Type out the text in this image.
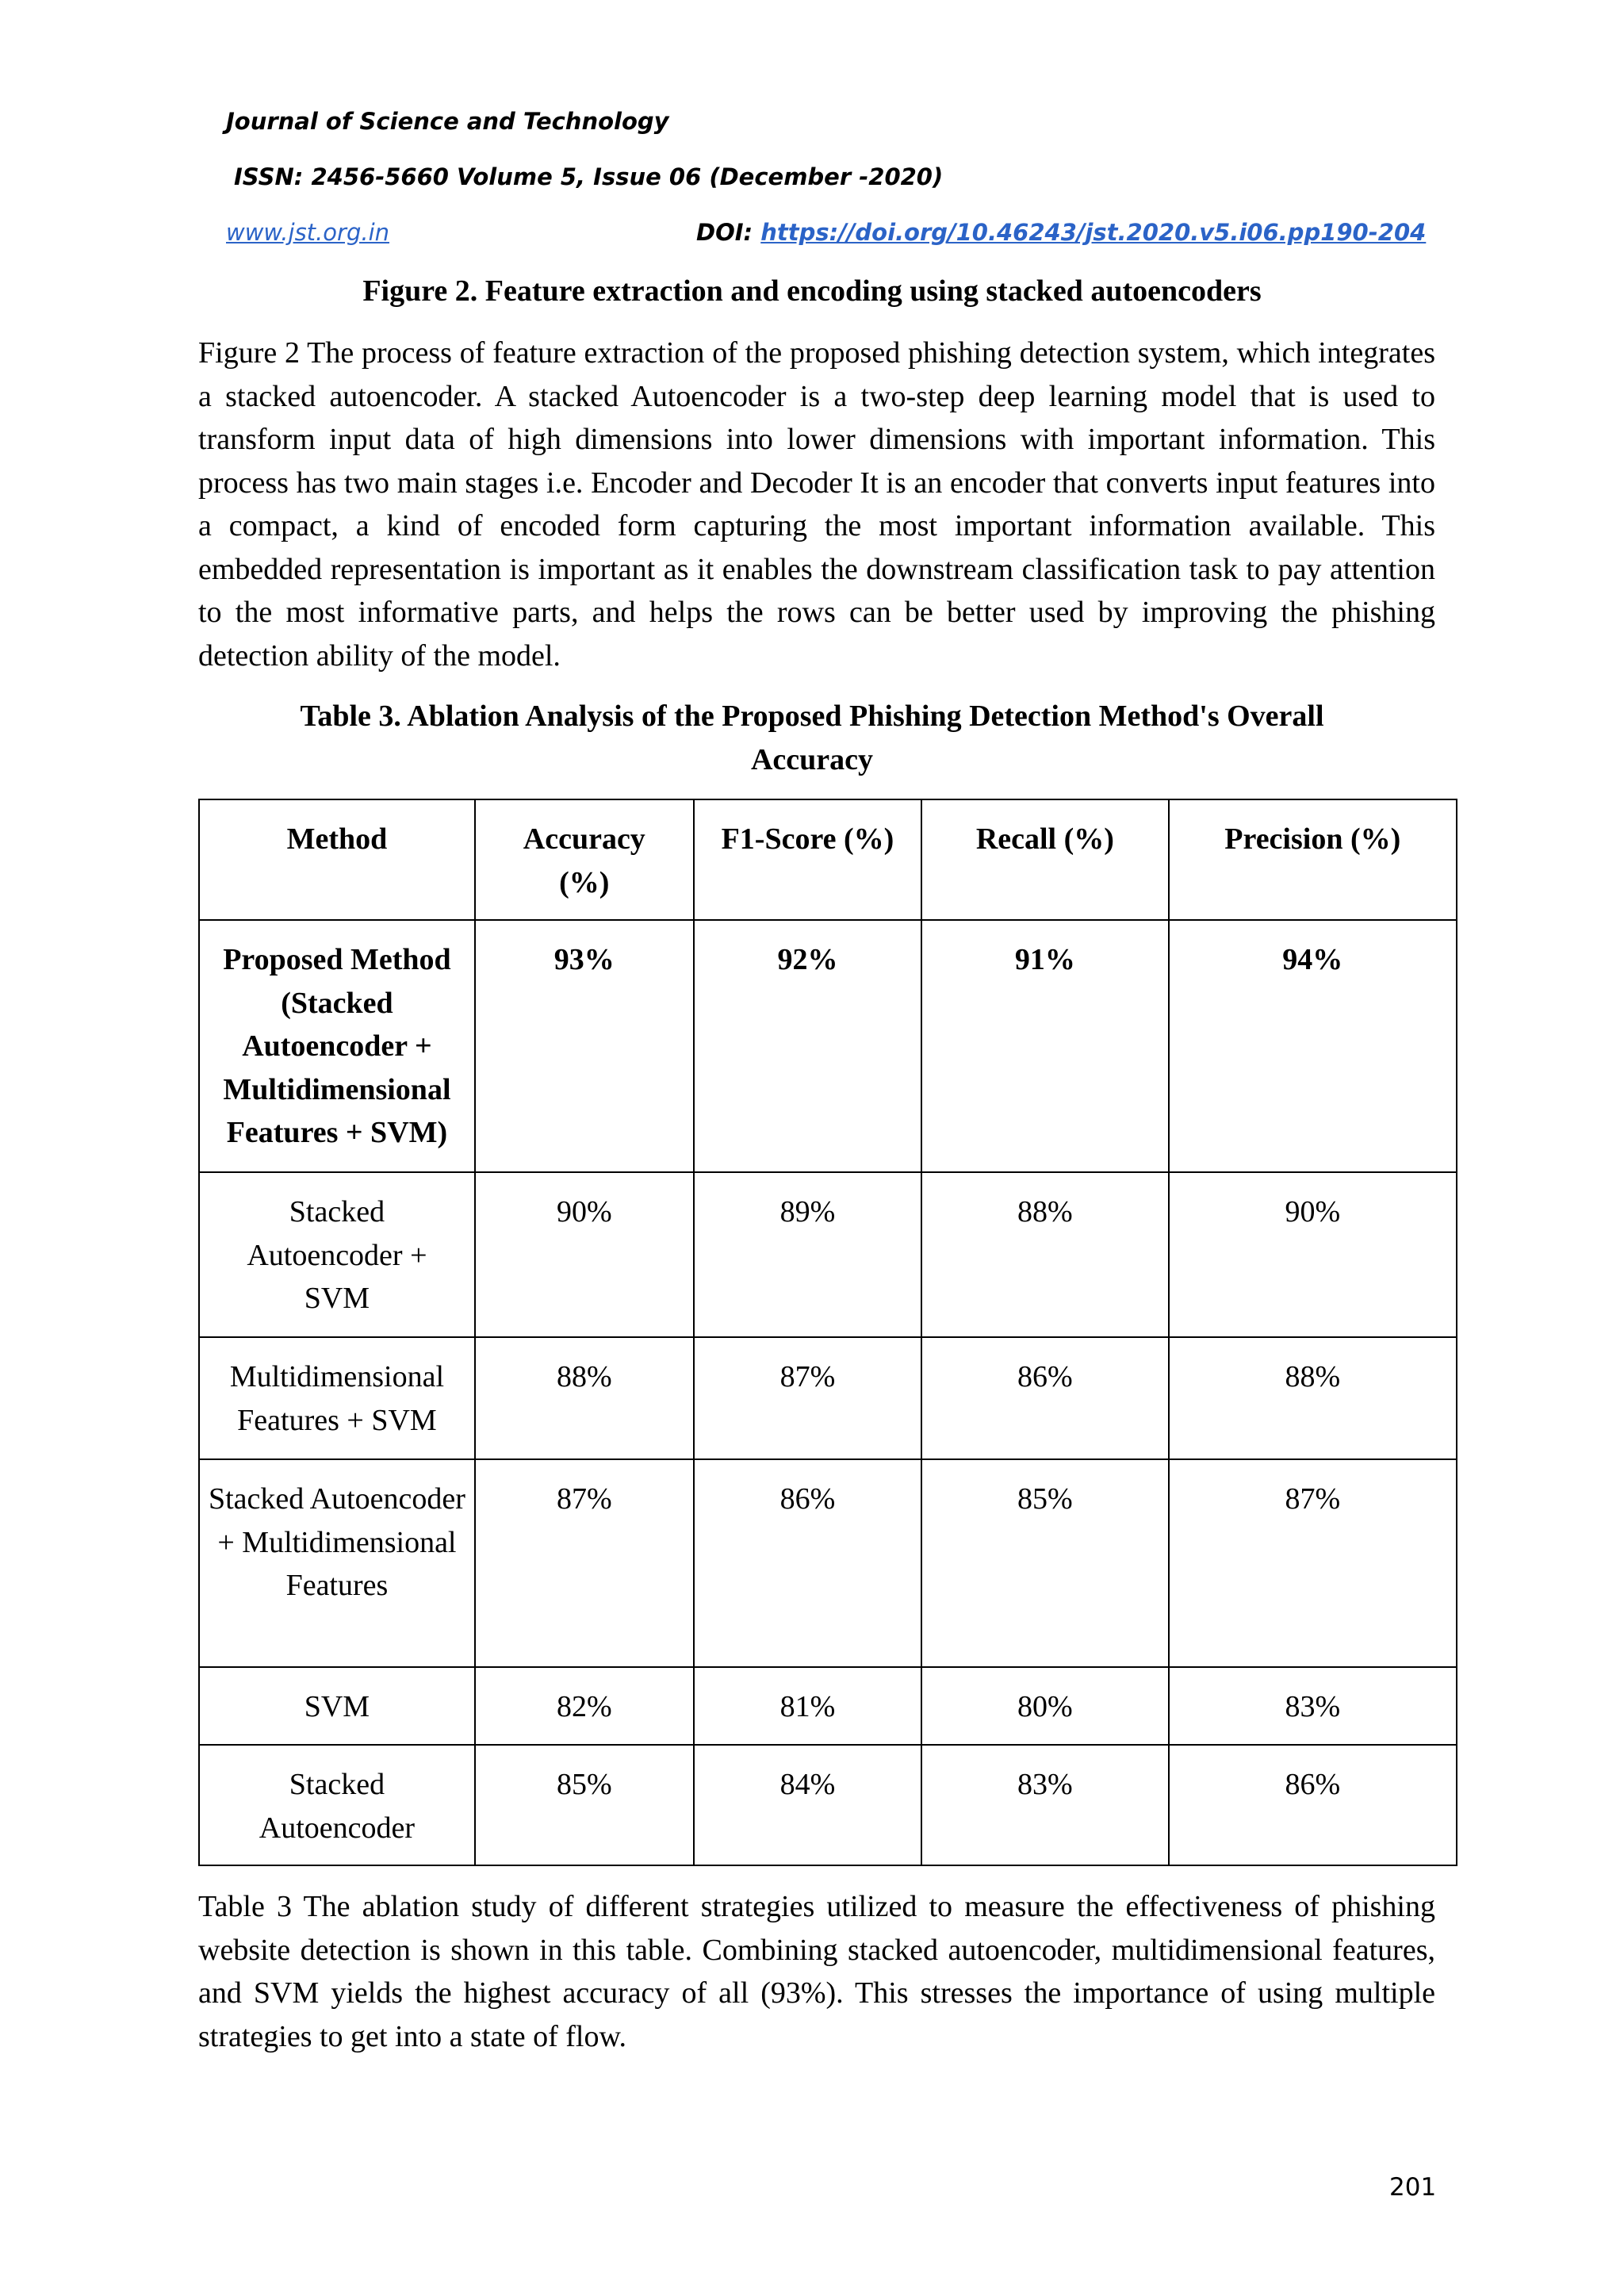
Journal of Science and Technology
ISSN: 2456-5660 Volume 5, Issue 06 (December -2020)
www.jst.org.in	DOI: https://doi.org/10.46243/jst.2020.v5.i06.pp190-204
Figure 2. Feature extraction and encoding using stacked autoencoders

Figure 2 The process of feature extraction of the proposed phishing detection system, which integrates a stacked autoencoder. A stacked Autoencoder is a two-step deep learning model that is used to transform input data of high dimensions into lower dimensions with important information. This process has two main stages i.e. Encoder and Decoder It is an encoder that converts input features into a compact, a kind of encoded form capturing the most important information available. This embedded representation is important as it enables the downstream classification task to pay attention to the most informative parts, and helps the rows can be better used by improving the phishing detection ability of the model.

Table 3. Ablation Analysis of the Proposed Phishing Detection Method's Overall
Accuracy
Method	Accuracy (%)	F1-Score (%)	Recall (%)	Precision (%)
Proposed Method (Stacked Autoencoder + Multidimensional Features + SVM)	93%	92%	91%	94%
Stacked Autoencoder + SVM	90%	89%	88%	90%
Multidimensional Features + SVM	88%	87%	86%	88%
Stacked Autoencoder + Multidimensional Features	87%	86%	85%	87%
SVM	82%	81%	80%	83%
Stacked Autoencoder	85%	84%	83%	86%

Table 3 The ablation study of different strategies utilized to measure the effectiveness of phishing website detection is shown in this table. Combining stacked autoencoder, multidimensional features, and SVM yields the highest accuracy of all (93%). This stresses the importance of using multiple strategies to get into a state of flow.

201
